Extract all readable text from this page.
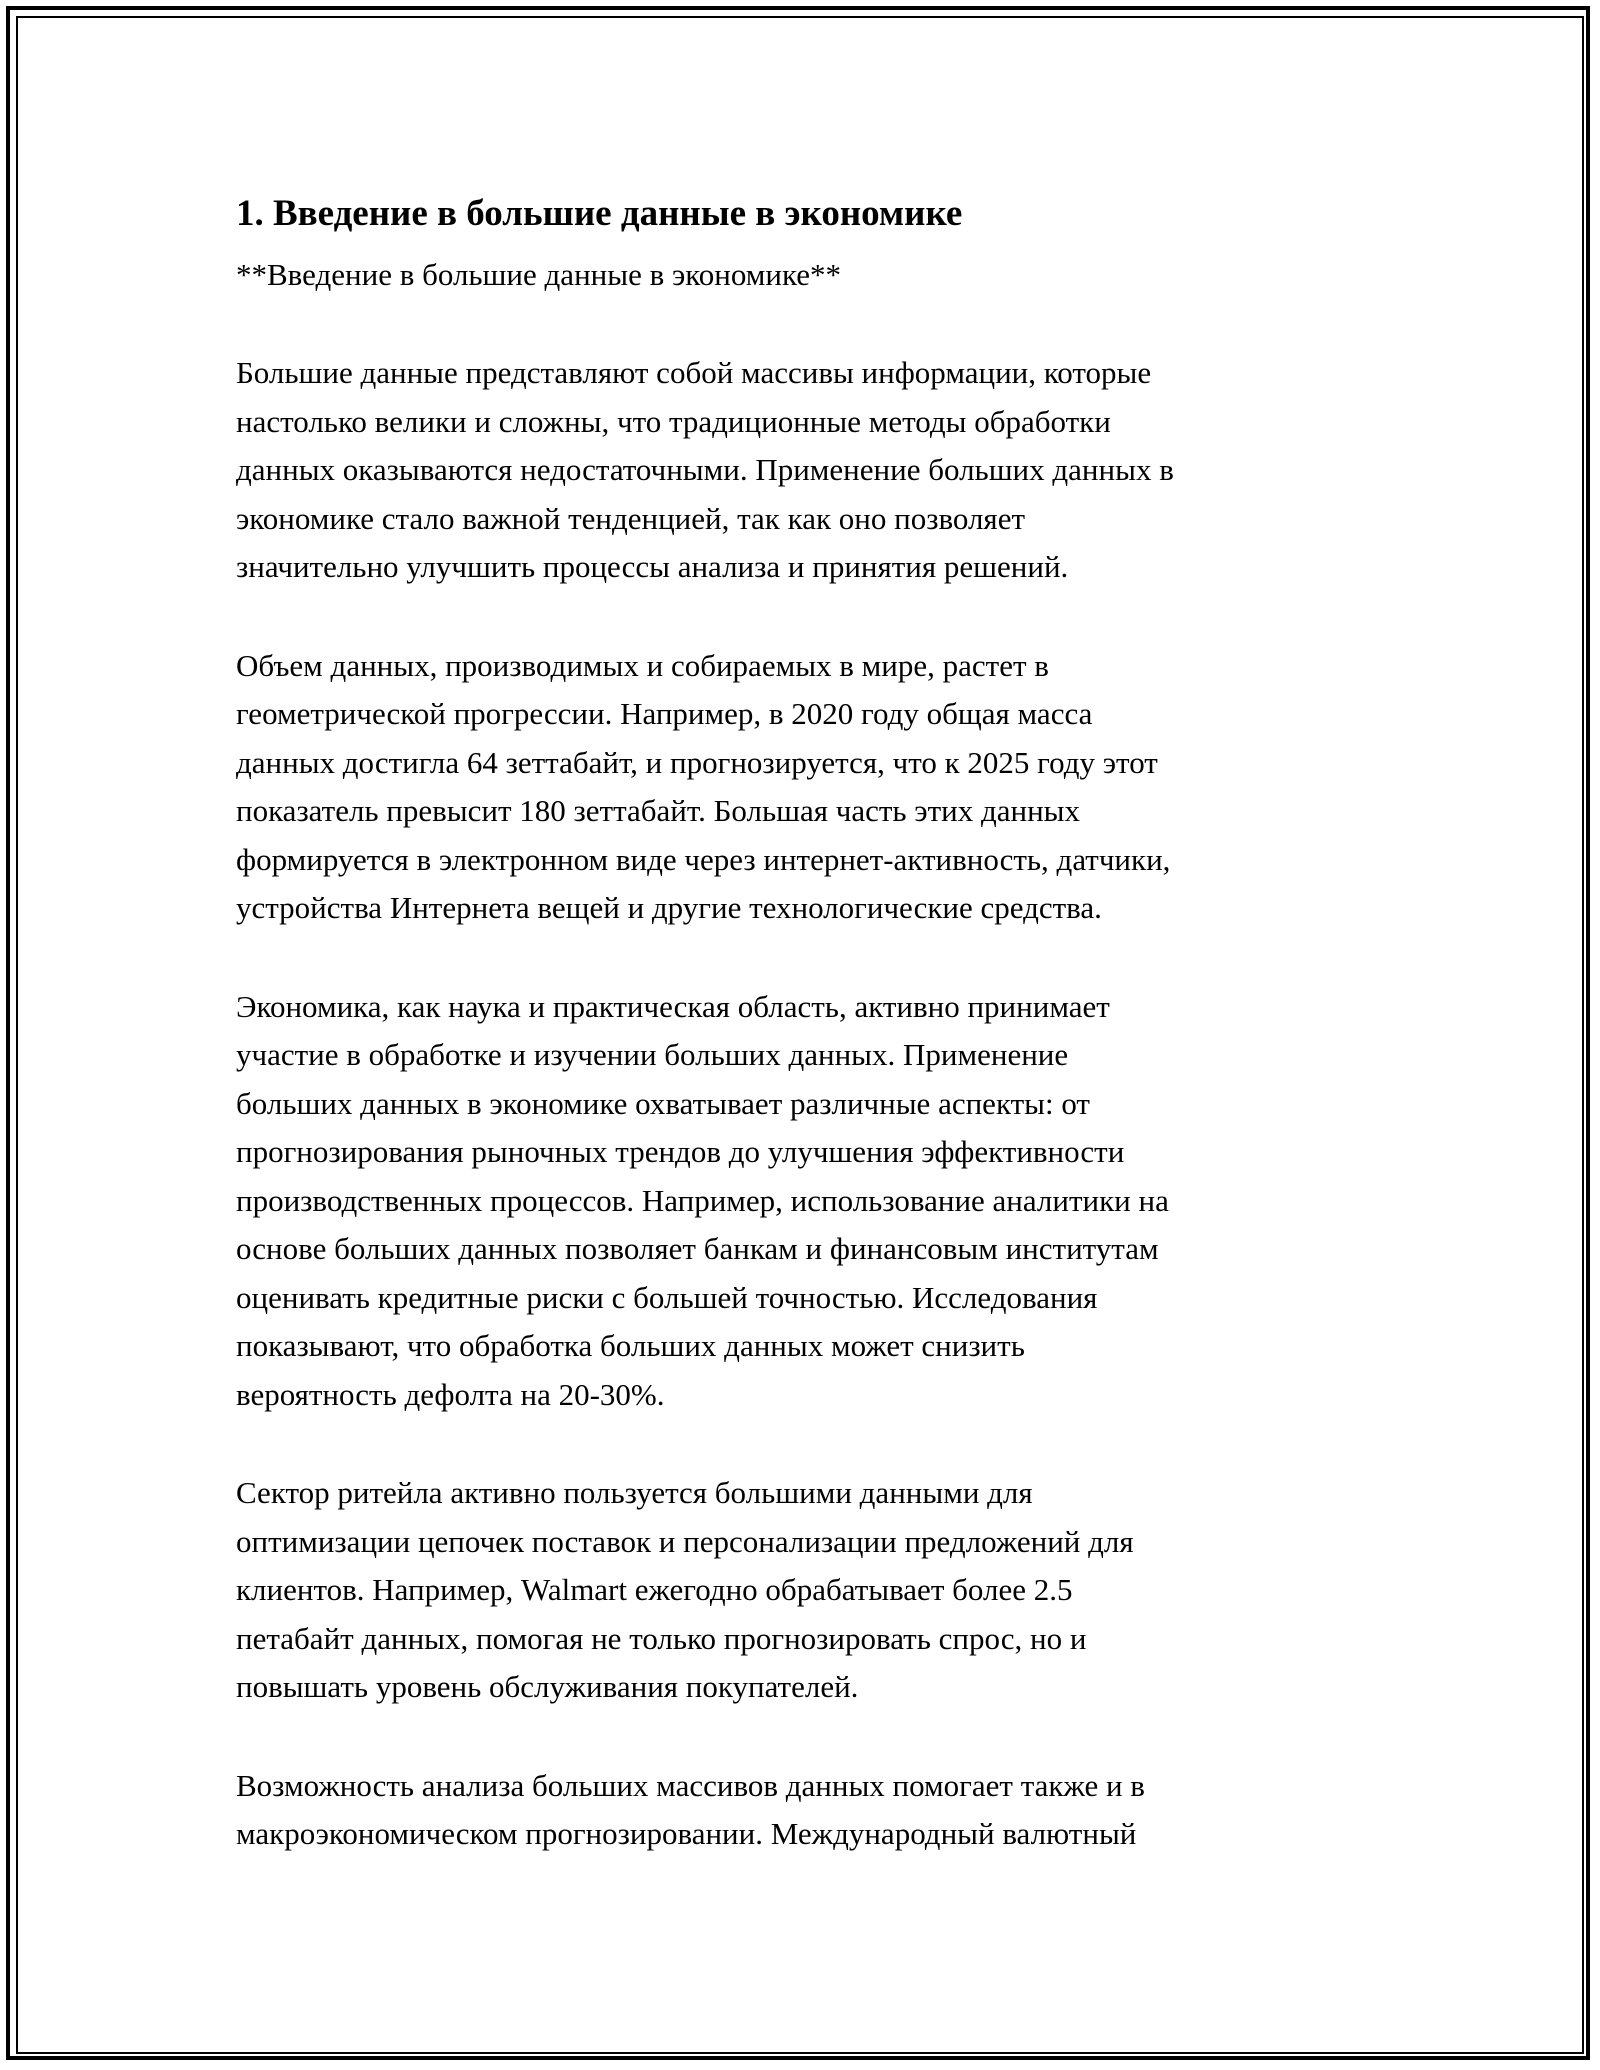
1. Введение в большие данные в экономике

**Введение в большие данные в экономике**

Большие данные представляют собой массивы информации, которые
настолько велики и сложны, что традиционные методы обработки
данных оказываются недостаточными. Применение больших данных в
экономике стало важной тенденцией, так как оно позволяет
значительно улучшить процессы анализа и принятия решений.

Объем данных, производимых и собираемых в мире, растет в
геометрической прогрессии. Например, в 2020 году общая масса
данных достигла 64 зеттабайт, и прогнозируется, что к 2025 году этот
показатель превысит 180 зеттабайт. Большая часть этих данных
формируется в электронном виде через интернет-активность, датчики,
устройства Интернета вещей и другие технологические средства.

Экономика, как наука и практическая область, активно принимает
участие в обработке и изучении больших данных. Применение
больших данных в экономике охватывает различные аспекты: от
прогнозирования рыночных трендов до улучшения эффективности
производственных процессов. Например, использование аналитики на
основе больших данных позволяет банкам и финансовым институтам
оценивать кредитные риски с большей точностью. Исследования
показывают, что обработка больших данных может снизить
вероятность дефолта на 20-30%.

Сектор ритейла активно пользуется большими данными для
оптимизации цепочек поставок и персонализации предложений для
клиентов. Например, Walmart ежегодно обрабатывает более 2.5
петабайт данных, помогая не только прогнозировать спрос, но и
повышать уровень обслуживания покупателей.

Возможность анализа больших массивов данных помогает также и в
макроэкономическом прогнозировании. Международный валютный
